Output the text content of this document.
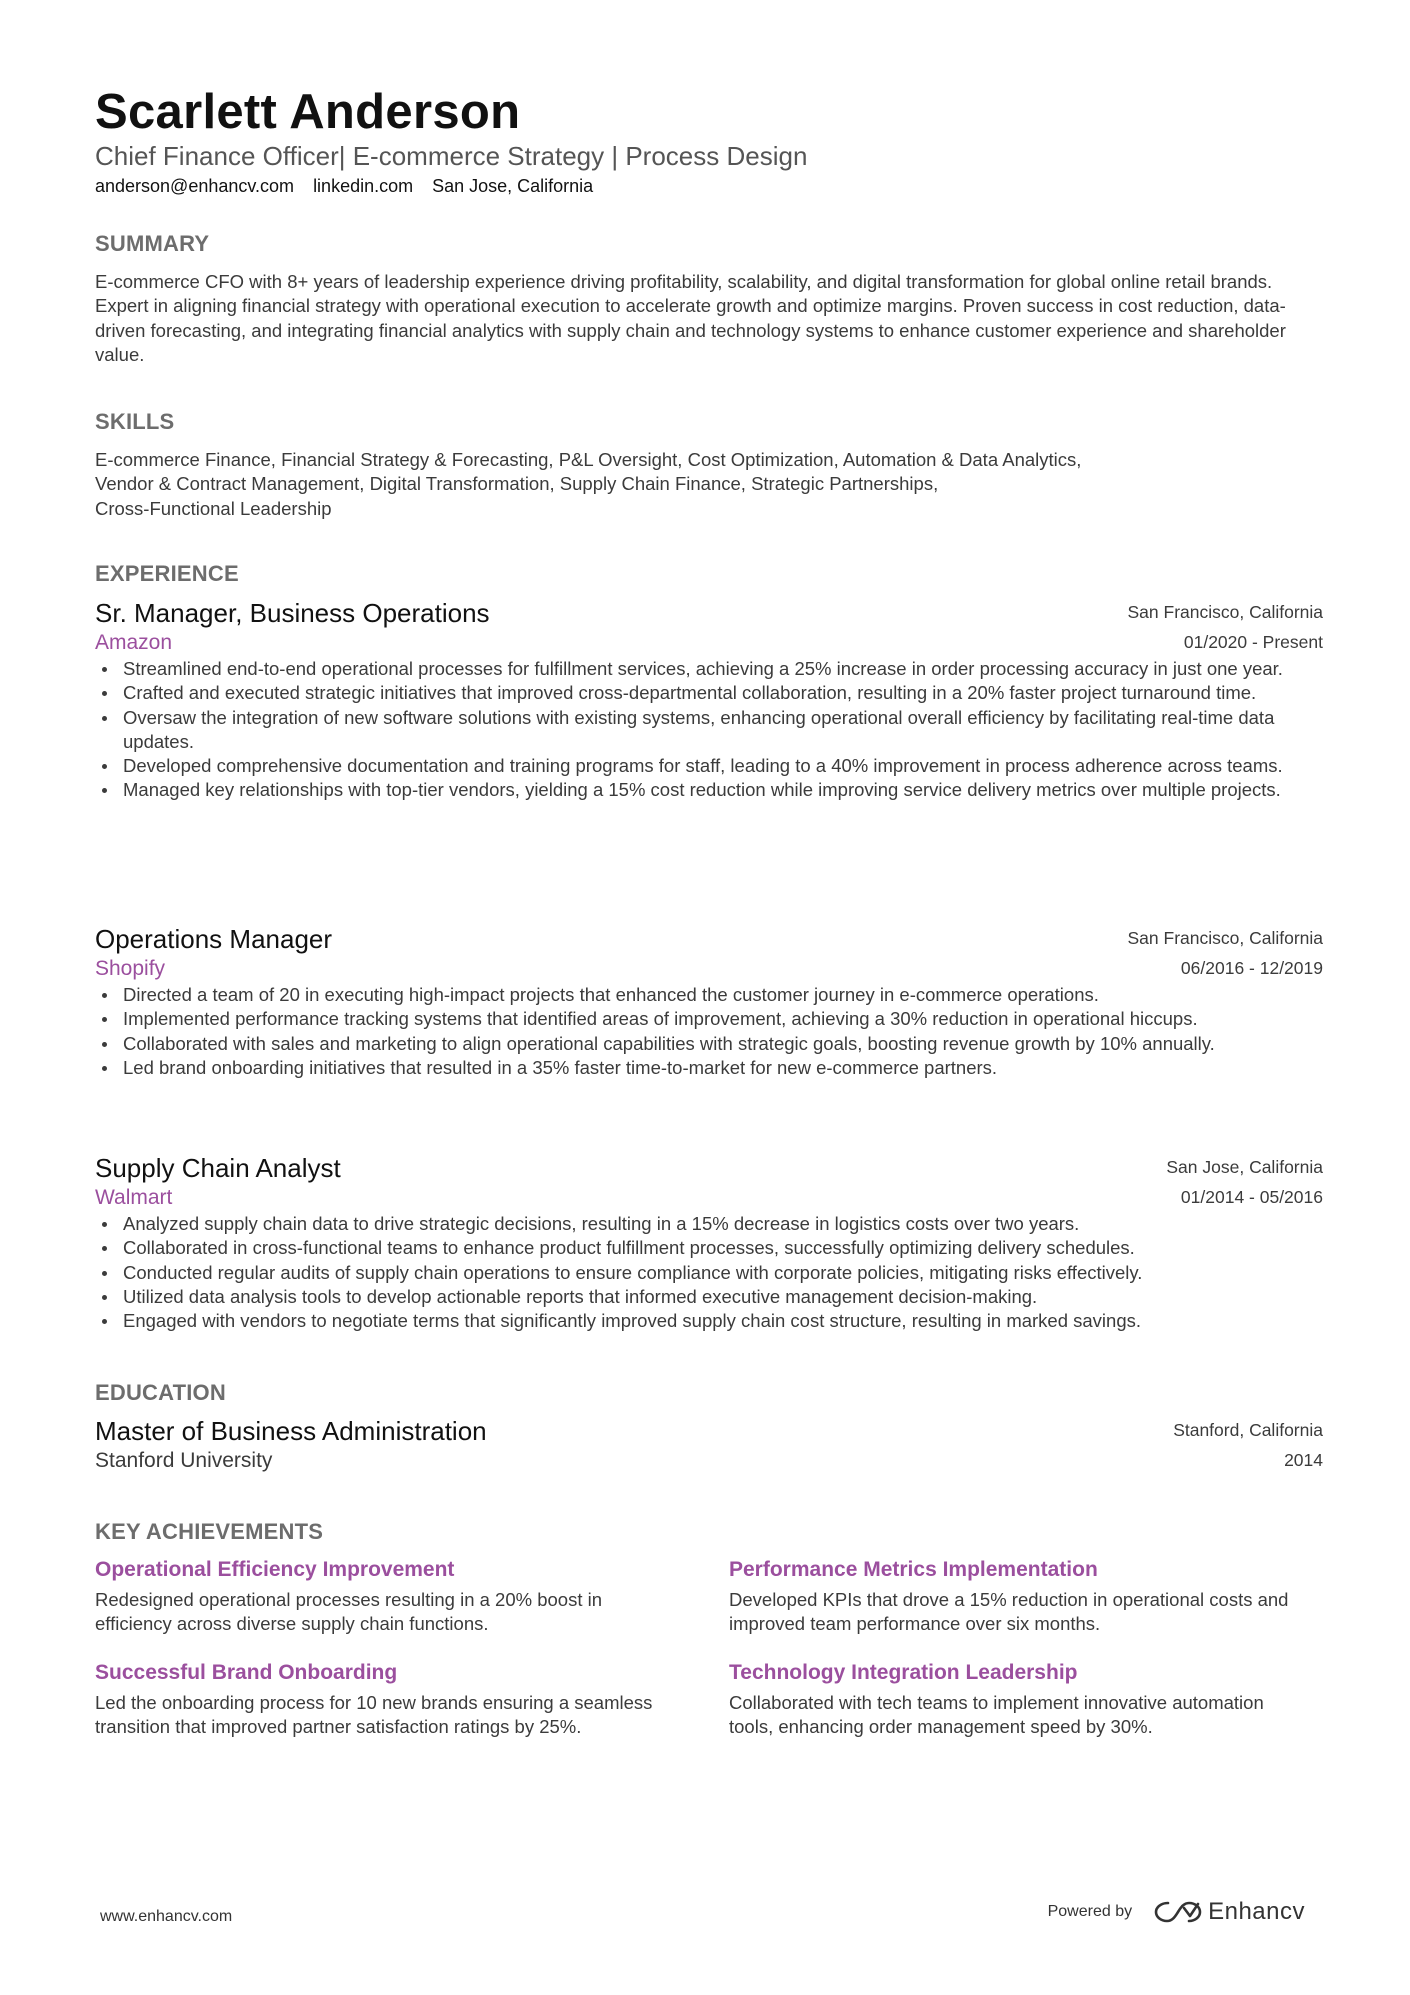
Scarlett Anderson
Chief Finance Officer| E-commerce Strategy | Process Design
anderson@enhancv.com linkedin.com San Jose, California
SUMMARY
E-commerce CFO with 8+ years of leadership experience driving profitability, scalability, and digital transformation for global online retail brands. Expert in aligning financial strategy with operational execution to accelerate growth and optimize margins. Proven success in cost reduction, data-driven forecasting, and integrating financial analytics with supply chain and technology systems to enhance customer experience and shareholder value.
SKILLS
E-commerce Finance, Financial Strategy & Forecasting, P&L Oversight, Cost Optimization, Automation & Data Analytics,
Vendor & Contract Management, Digital Transformation, Supply Chain Finance, Strategic Partnerships,
Cross-Functional Leadership
EXPERIENCE
Sr. Manager, Business Operations
Amazon
San Francisco, California
01/2020 - Present
Streamlined end-to-end operational processes for fulfillment services, achieving a 25% increase in order processing accuracy in just one year.
Crafted and executed strategic initiatives that improved cross-departmental collaboration, resulting in a 20% faster project turnaround time.
Oversaw the integration of new software solutions with existing systems, enhancing operational overall efficiency by facilitating real-time data updates.
Developed comprehensive documentation and training programs for staff, leading to a 40% improvement in process adherence across teams.
Managed key relationships with top-tier vendors, yielding a 15% cost reduction while improving service delivery metrics over multiple projects.
Operations Manager
Shopify
San Francisco, California
06/2016 - 12/2019
Directed a team of 20 in executing high-impact projects that enhanced the customer journey in e-commerce operations.
Implemented performance tracking systems that identified areas of improvement, achieving a 30% reduction in operational hiccups.
Collaborated with sales and marketing to align operational capabilities with strategic goals, boosting revenue growth by 10% annually.
Led brand onboarding initiatives that resulted in a 35% faster time-to-market for new e-commerce partners.
Supply Chain Analyst
Walmart
San Jose, California
01/2014 - 05/2016
Analyzed supply chain data to drive strategic decisions, resulting in a 15% decrease in logistics costs over two years.
Collaborated in cross-functional teams to enhance product fulfillment processes, successfully optimizing delivery schedules.
Conducted regular audits of supply chain operations to ensure compliance with corporate policies, mitigating risks effectively.
Utilized data analysis tools to develop actionable reports that informed executive management decision-making.
Engaged with vendors to negotiate terms that significantly improved supply chain cost structure, resulting in marked savings.
EDUCATION
Master of Business Administration
Stanford University
Stanford, California
2014
KEY ACHIEVEMENTS
Operational Efficiency Improvement
Redesigned operational processes resulting in a 20% boost in efficiency across diverse supply chain functions.
Performance Metrics Implementation
Developed KPIs that drove a 15% reduction in operational costs and improved team performance over six months.
Successful Brand Onboarding
Led the onboarding process for 10 new brands ensuring a seamless transition that improved partner satisfaction ratings by 25%.
Technology Integration Leadership
Collaborated with tech teams to implement innovative automation tools, enhancing order management speed by 30%.
www.enhancv.com	Powered by	Enhancv
